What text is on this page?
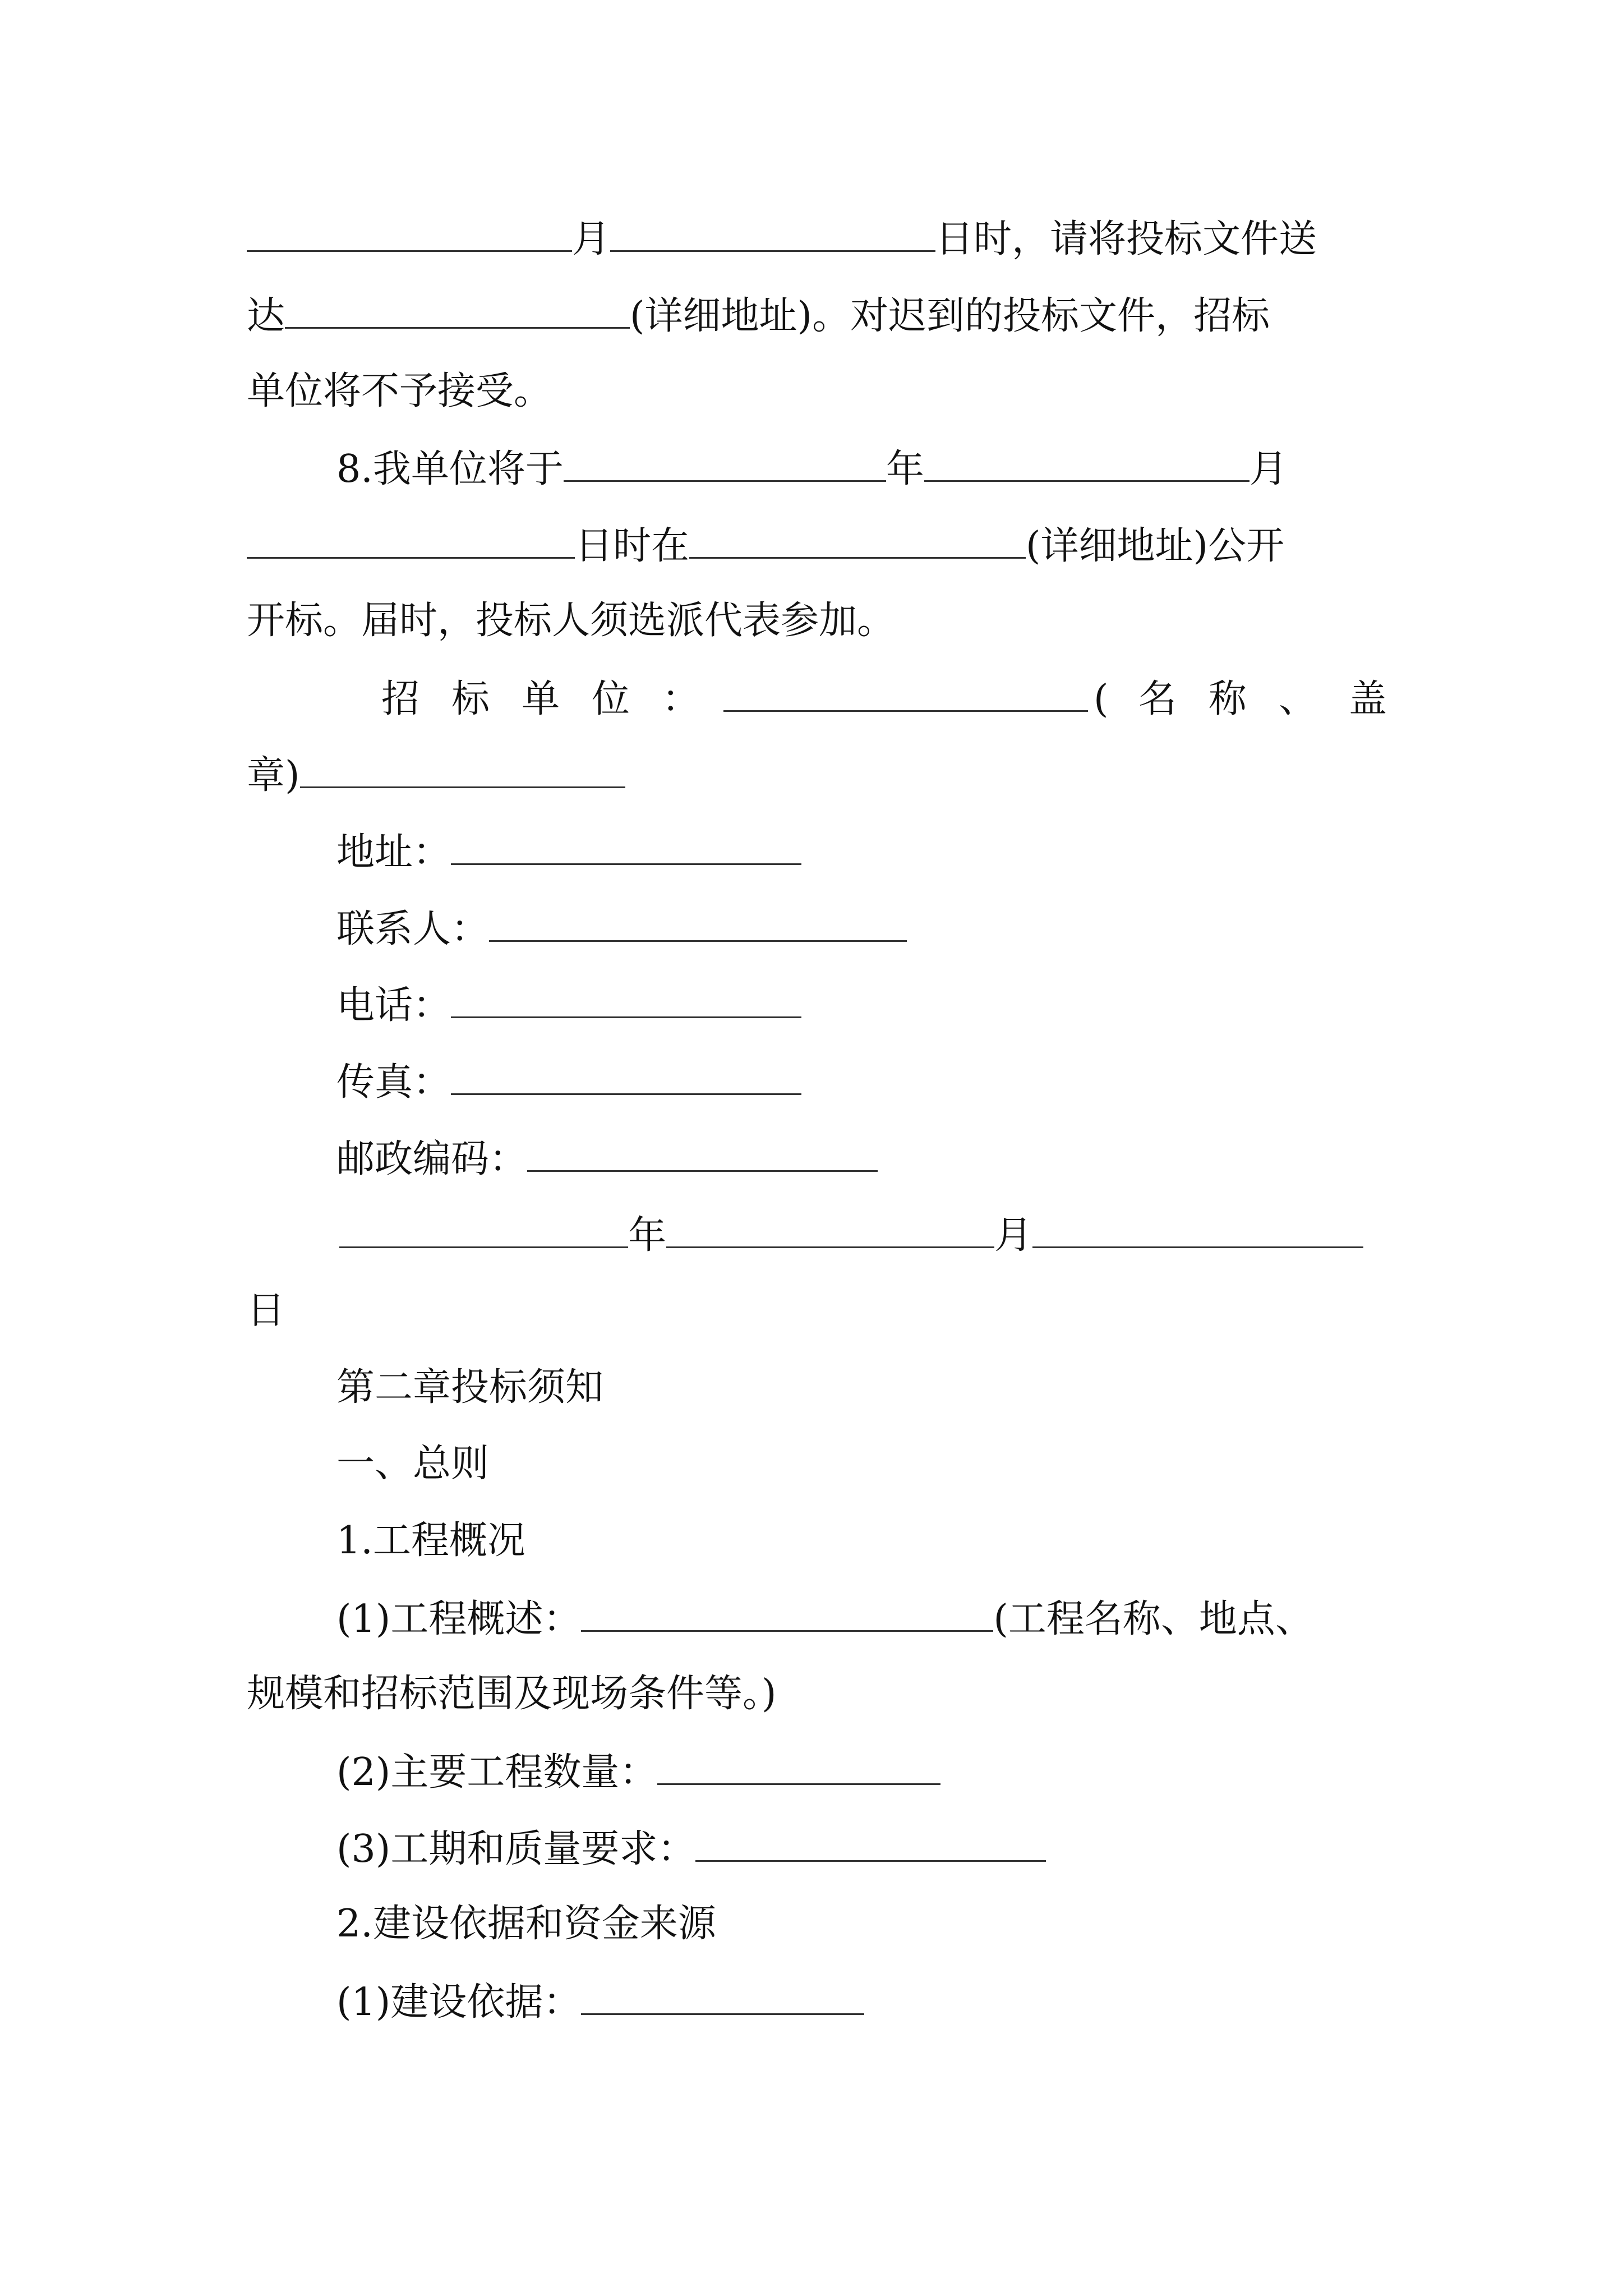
月	日时，请将投标文件送
达	(详细地址)。对迟到的投标文件，招标
单位将不予接受。
8.我单位将于	年	月
日时在	(详细地址)公开
开标。届时，投标人须选派代表参加。
招 标 单 位 ：	( 名 称 、 盖
章)
地址：
联系人：
电话：
传真：
邮政编码：
年	月
日
第二章投标须知
一、总则
1.工程概况
(1)工程概述：	(工程名称、地点、
规模和招标范围及现场条件等。)
(2)主要工程数量：
(3)工期和质量要求：
2.建设依据和资金来源
(1)建设依据：
